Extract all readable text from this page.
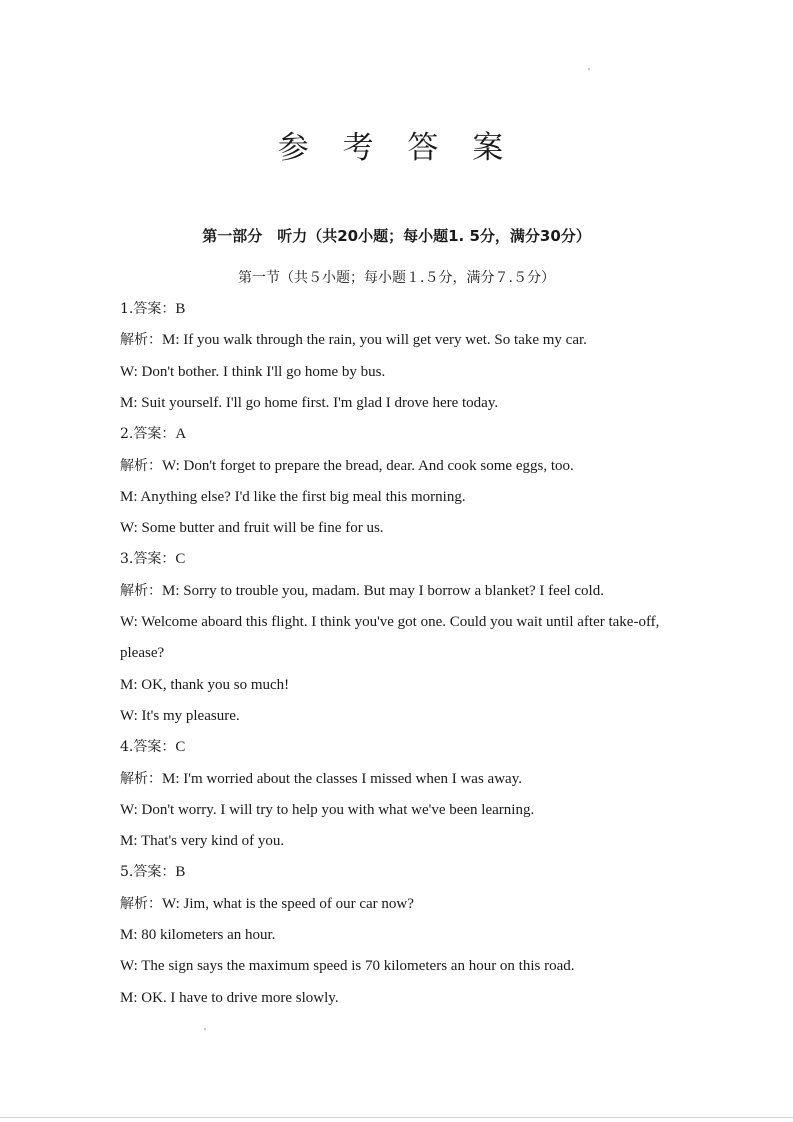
参 考 答 案
第一部分　听力（共20小题；每小题1. 5分，满分30分）
第一节（共５小题；每小题１.５分，满分７.５分）
1.答案：B
解析：M: If you walk through the rain, you will get very wet. So take my car.
W: Don't bother. I think I'll go home by bus.
M: Suit yourself. I'll go home first. I'm glad I drove here today.
2.答案：A
解析：W: Don't forget to prepare the bread, dear. And cook some eggs, too.
M: Anything else? I'd like the first big meal this morning.
W: Some butter and fruit will be fine for us.
3.答案：C
解析：M: Sorry to trouble you, madam. But may I borrow a blanket? I feel cold.
W: Welcome aboard this flight. I think you've got one. Could you wait until after take-off,
please?
M: OK, thank you so much!
W: It's my pleasure.
4.答案：C
解析：M: I'm worried about the classes I missed when I was away.
W: Don't worry. I will try to help you with what we've been learning.
M: That's very kind of you.
5.答案：B
解析：W: Jim, what is the speed of our car now?
M: 80 kilometers an hour.
W: The sign says the maximum speed is 70 kilometers an hour on this road.
M: OK. I have to drive more slowly.
